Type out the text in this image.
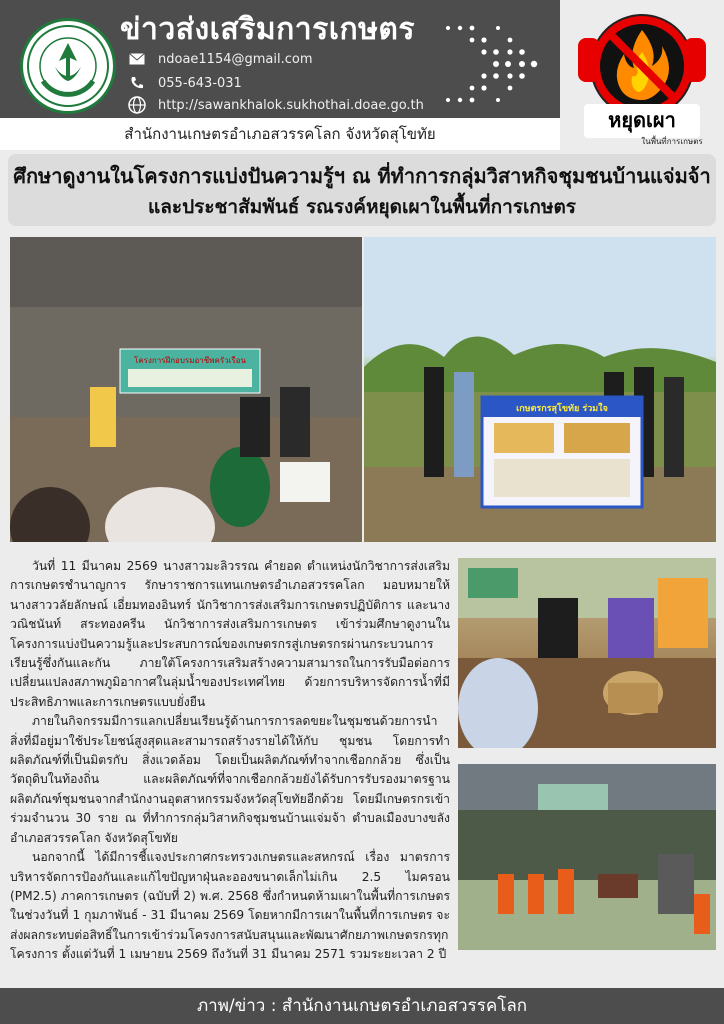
ข่าวส่งเสริมการเกษตร
ndoae1154@gmail.com
055-643-031
http://sawankhalok.sukhothai.doae.go.th
สำนักงานเกษตรอำเภอสวรรคโลก จังหวัดสุโขทัย
หยุดเผา
ในพื้นที่การเกษตร
ศึกษาดูงานในโครงการแบ่งปันความรู้ฯ ณ ที่ทำการกลุ่มวิสาหกิจชุมชนบ้านแจ่มจ้า
และประชาสัมพันธ์ รณรงค์หยุดเผาในพื้นที่การเกษตร
โครงการฝึกอบรมอาชีพครัวเรือน
เกษตรกรสุโขทัย ร่วมใจ

วันที่ 11 มีนาคม 2569 นางสาวมะลิวรรณ คำยอด ตำแหน่งนักวิชาการส่งเสริมการเกษตรชำนาญการ รักษาราชการแทนเกษตรอำเภอสวรรคโลก มอบหมายให้นางสาววลัยลักษณ์ เอี่ยมทองอินทร์ นักวิชาการส่งเสริมการเกษตรปฏิบัติการ และนางวณิชนันท์ สระทองครีน นักวิชาการส่งเสริมการเกษตร เข้าร่วมศึกษาดูงานในโครงการแบ่งปันความรู้และประสบการณ์ของเกษตรกรสู่เกษตรกรผ่านกระบวนการเรียนรู้ซึ่งกันและกัน ภายใต้โครงการเสริมสร้างความสามารถในการรับมือต่อการเปลี่ยนแปลงสภาพภูมิอากาศในลุ่มน้ำของประเทศไทย ด้วยการบริหารจัดการน้ำที่มีประสิทธิภาพและการเกษตรแบบยั่งยืน

ภายในกิจกรรมมีการแลกเปลี่ยนเรียนรู้ด้านการการลดขยะในชุมชนด้วยการนำสิ่งที่มีอยู่มาใช้ประโยชน์สูงสุดและสามารถสร้างรายได้ให้กับ ชุมชน โดยการทำผลิตภัณฑ์ที่เป็นมิตรกับ สิ่งแวดล้อม โดยเป็นผลิตภัณฑ์ทำจากเชือกกล้วย ซึ่งเป็นวัตถุดิบในท้องถิ่น และผลิตภัณฑ์ที่จากเชือกกล้วยยังได้รับการรับรองมาตรฐานผลิตภัณฑ์ชุมชนจากสำนักงานอุตสาหกรรมจังหวัดสุโขทัยอีกด้วย โดยมีเกษตรกรเข้าร่วมจำนวน 30 ราย ณ ที่ทำการกลุ่มวิสาหกิจชุมชนบ้านแจ่มจ้า ตำบลเมืองบางขลัง อำเภอสวรรคโลก จังหวัดสุโขทัย

นอกจากนี้ ได้มีการชี้แจงประกาศกระทรวงเกษตรและสหกรณ์ เรื่อง มาตรการบริหารจัดการป้องกันและแก้ไขปัญหาฝุ่นละอองขนาดเล็กไม่เกิน 2.5 ไมครอน (PM2.5) ภาคการเกษตร (ฉบับที่ 2) พ.ศ. 2568 ซึ่งกำหนดห้ามเผาในพื้นที่การเกษตรในช่วงวันที่ 1 กุมภาพันธ์ - 31 มีนาคม 2569 โดยหากมีการเผาในพื้นที่การเกษตร จะส่งผลกระทบต่อสิทธิ์ในการเข้าร่วมโครงการสนับสนุนและพัฒนาศักยภาพเกษตรกรทุกโครงการ ตั้งแต่วันที่ 1 เมษายน 2569 ถึงวันที่ 31 มีนาคม 2571 รวมระยะเวลา 2 ปี

ภาพ/ข่าว : สำนักงานเกษตรอำเภอสวรรคโลก
